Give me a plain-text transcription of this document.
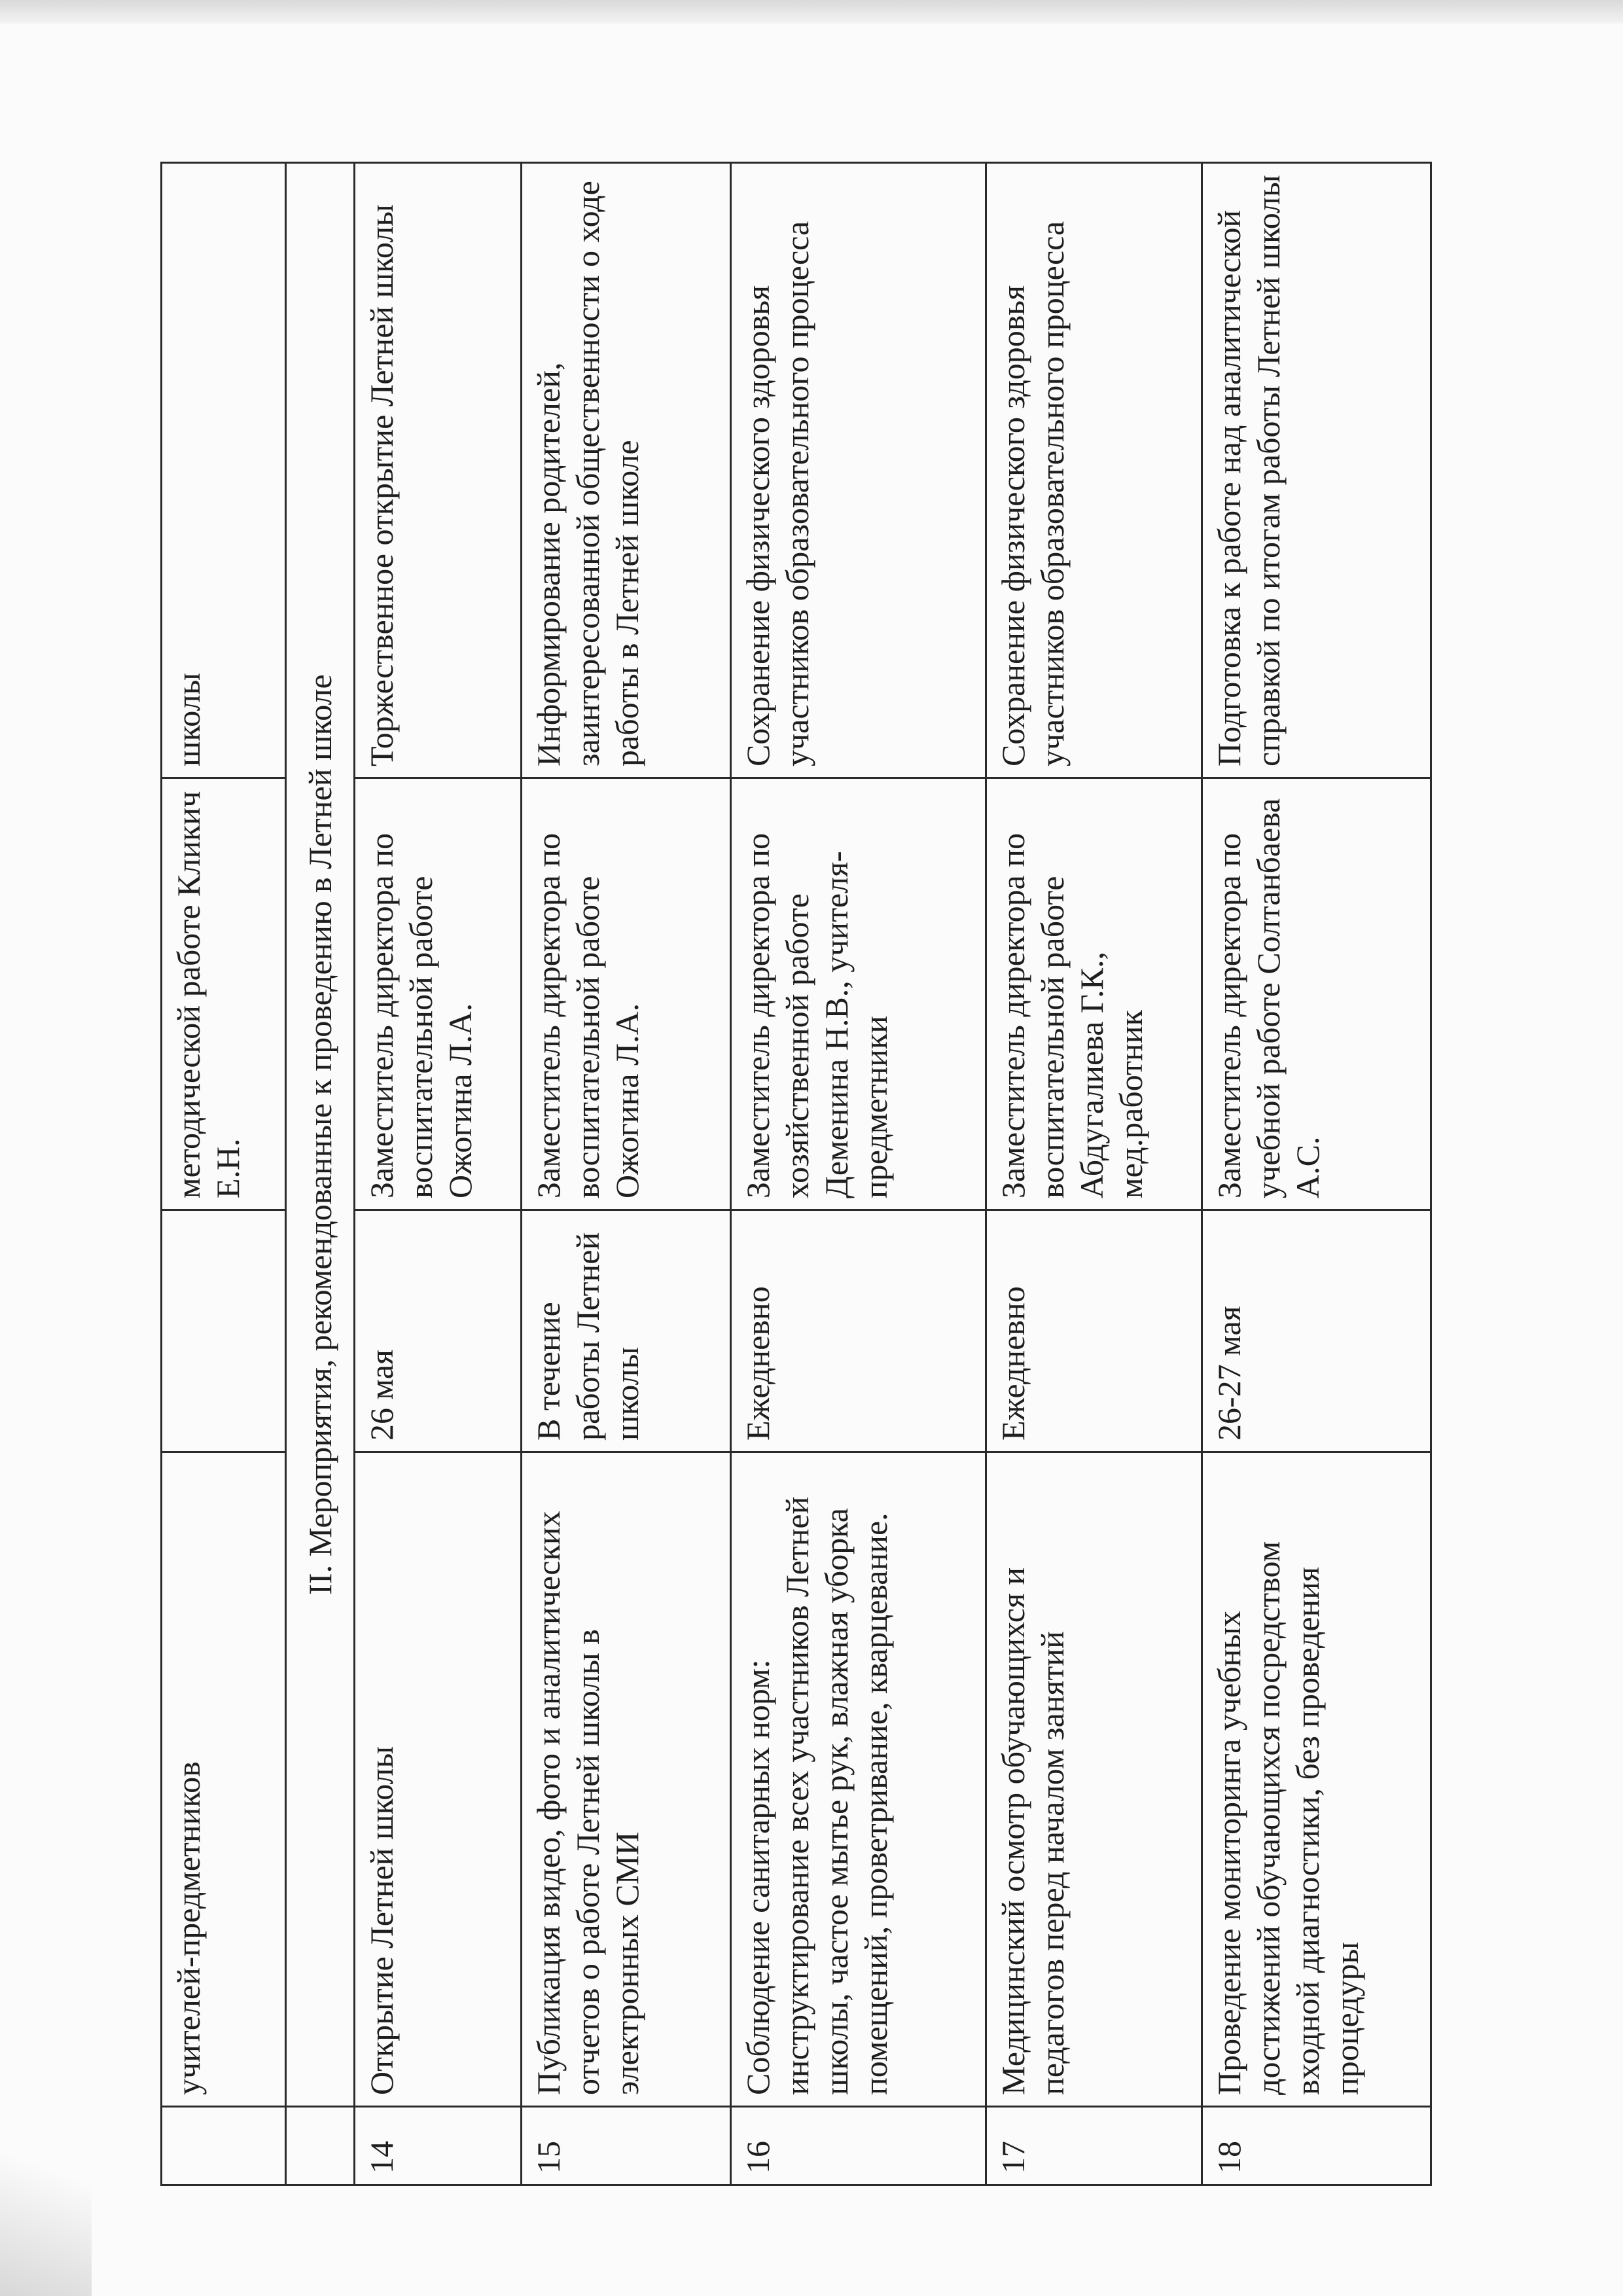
	учителей-предметников		методической работе Кликич Е.Н.	школы

	II. Мероприятия, рекомендованные к проведению в Летней школе			
14	Открытие Летней школы	26 мая	Заместитель директора по воспитательной работе Ожогина Л.А.	Торжественное открытие Летней школы
15	Публикация видео, фото и аналитических отчетов о работе Летней школы в электронных СМИ	В течение работы Летней школы	Заместитель директора по воспитательной работе Ожогина Л.А.	Информирование родителей, заинтересованной общественности о ходе работы в Летней школе
16	Соблюдение санитарных норм: инструктирование всех участников Летней школы, частое мытье рук, влажная уборка помещений, проветривание, кварцевание.	Ежедневно	Заместитель директора по хозяйственной работе Деменина Н.В., учителя-предметники	Сохранение физического здоровья участников образовательного процесса
17	Медицинский осмотр обучающихся и педагогов перед началом занятий	Ежедневно	Заместитель директора по воспитательной работе Абдугалиева Г.К., мед.работник	Сохранение физического здоровья участников образовательного процесса
18	Проведение мониторинга учебных достижений обучающихся посредством входной диагностики, без проведения процедуры	26-27 мая	Заместитель директора по учебной работе Солтанбаева А.С.	Подготовка к работе над аналитической справкой по итогам работы Летней школы
